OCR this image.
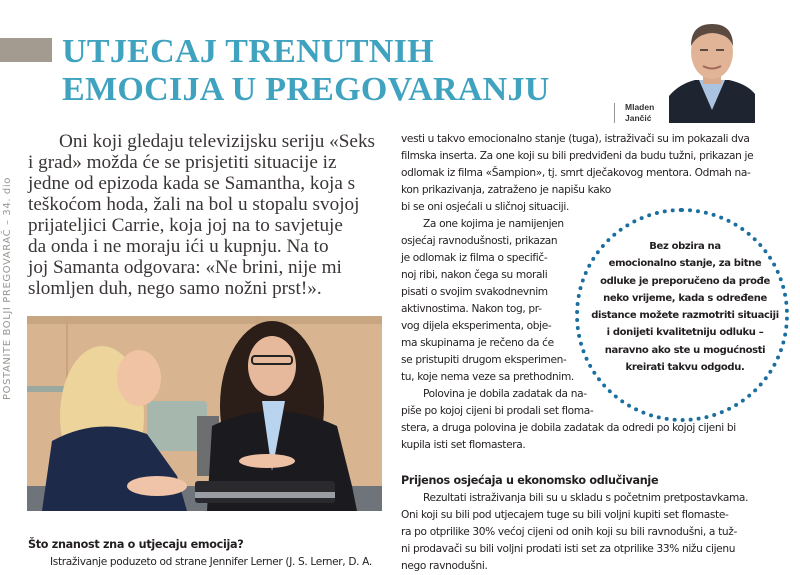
POSTANITE BOLJI PREGOVARAČ – 34. dio
UTJECAJ TRENUTNIH
EMOCIJA U PREGOVARANJU	Mladen
Jančić
Oni koji gledaju televizijsku seriju «Seks
i grad» možda će se prisjetiti situacije iz
jedne od epizoda kada se Samantha, koja s
teškoćom hoda, žali na bol u stopalu svojoj
prijateljici Carrie, koja joj na to savjetuje
da onda i ne moraju ići u kupnju. Na to
joj Samanta odgovara: «Ne brini, nije mi
slomljen duh, nego samo nožni prst!».
Što znanost zna o utjecaju emocija?
Istraživanje poduzeto od strane Jennifer Lerner (J. S. Lerner, D. A.
vesti u takvo emocionalno stanje (tuga), istraživači su im pokazali dva
filmska inserta. Za one koji su bili predviđeni da budu tužni, prikazan je
odlomak iz filma «Šampion», tj. smrt dječakovog mentora. Odmah na-
kon prikazivanja, zatraženo je napišu kako
bi se oni osjećali u sličnoj situaciji.
Za one kojima je namijenjen
osjećaj ravnodušnosti, prikazan
je odlomak iz filma o specifič-
noj ribi, nakon čega su morali
pisati o svojim svakodnevnim
aktivnostima. Nakon tog, pr-
vog dijela eksperimenta, obje-
ma skupinama je rečeno da će
se pristupiti drugom eksperimen-
tu, koje nema veze sa prethodnim.
Polovina je dobila zadatak da na-
piše po kojoj cijeni bi prodali set floma-
stera, a druga polovina je dobila zadatak da odredi po kojoj cijeni bi
kupila isti set flomastera.
Prijenos osjećaja u ekonomsko odlučivanje
Rezultati istraživanja bili su u skladu s početnim pretpostavkama.
Oni koji su bili pod utjecajem tuge su bili voljni kupiti set flomaste-
ra po otprilike 30% većoj cijeni od onih koji su bili ravnodušni, a tuž-
ni prodavači su bili voljni prodati isti set za otprilike 33% nižu cijenu
nego ravnodušni.
Bez obzira na
emocionalno stanje, za bitne
odluke je preporučeno da prođe
neko vrijeme, kada s određene
distance možete razmotriti situaciji
i donijeti kvalitetniju odluku –
naravno ako ste u mogućnosti
kreirati takvu odgodu.
